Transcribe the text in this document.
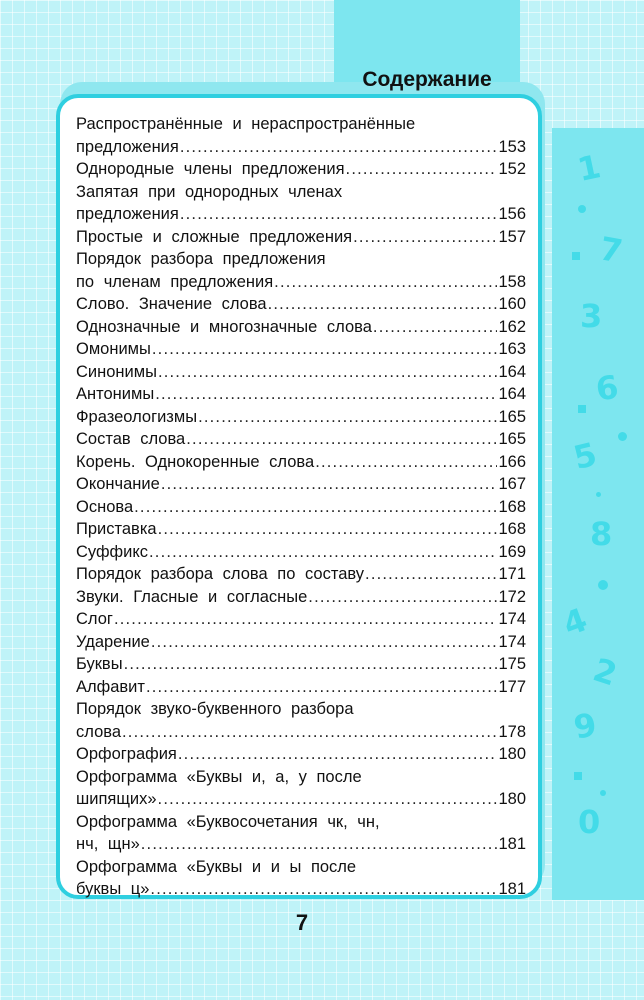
Содержание
Распространённые и нераспространённые
предложения .....	153
Однородные члены предложения .....	152
Запятая при однородных членах
предложения .....	156
Простые и сложные предложения .....	157
Порядок разбора предложения
по членам предложения .....	158
Слово. Значение слова .....	160
Однозначные и многозначные слова .....	162
Омонимы .....	163
Синонимы .....	164
Антонимы .....	164
Фразеологизмы .....	165
Состав слова .....	165
Корень. Однокоренные слова .....	166
Окончание .....	167
Основа .....	168
Приставка .....	168
Суффикс .....	169
Порядок разбора слова по составу .....	171
Звуки. Гласные и согласные .....	172
Слог .....	174
Ударение .....	174
Буквы .....	175
Алфавит .....	177
Порядок звуко-буквенного разбора
слова .....	178
Орфография .....	180
Орфограмма «Буквы и, а, у после
шипящих» .....	180
Орфограмма «Буквосочетания чк, чн,
нч, щн» .....	181
Орфограмма «Буквы и и ы после
буквы ц» .....	181
7
1
7
3
6
5
8
4
2
9
0
